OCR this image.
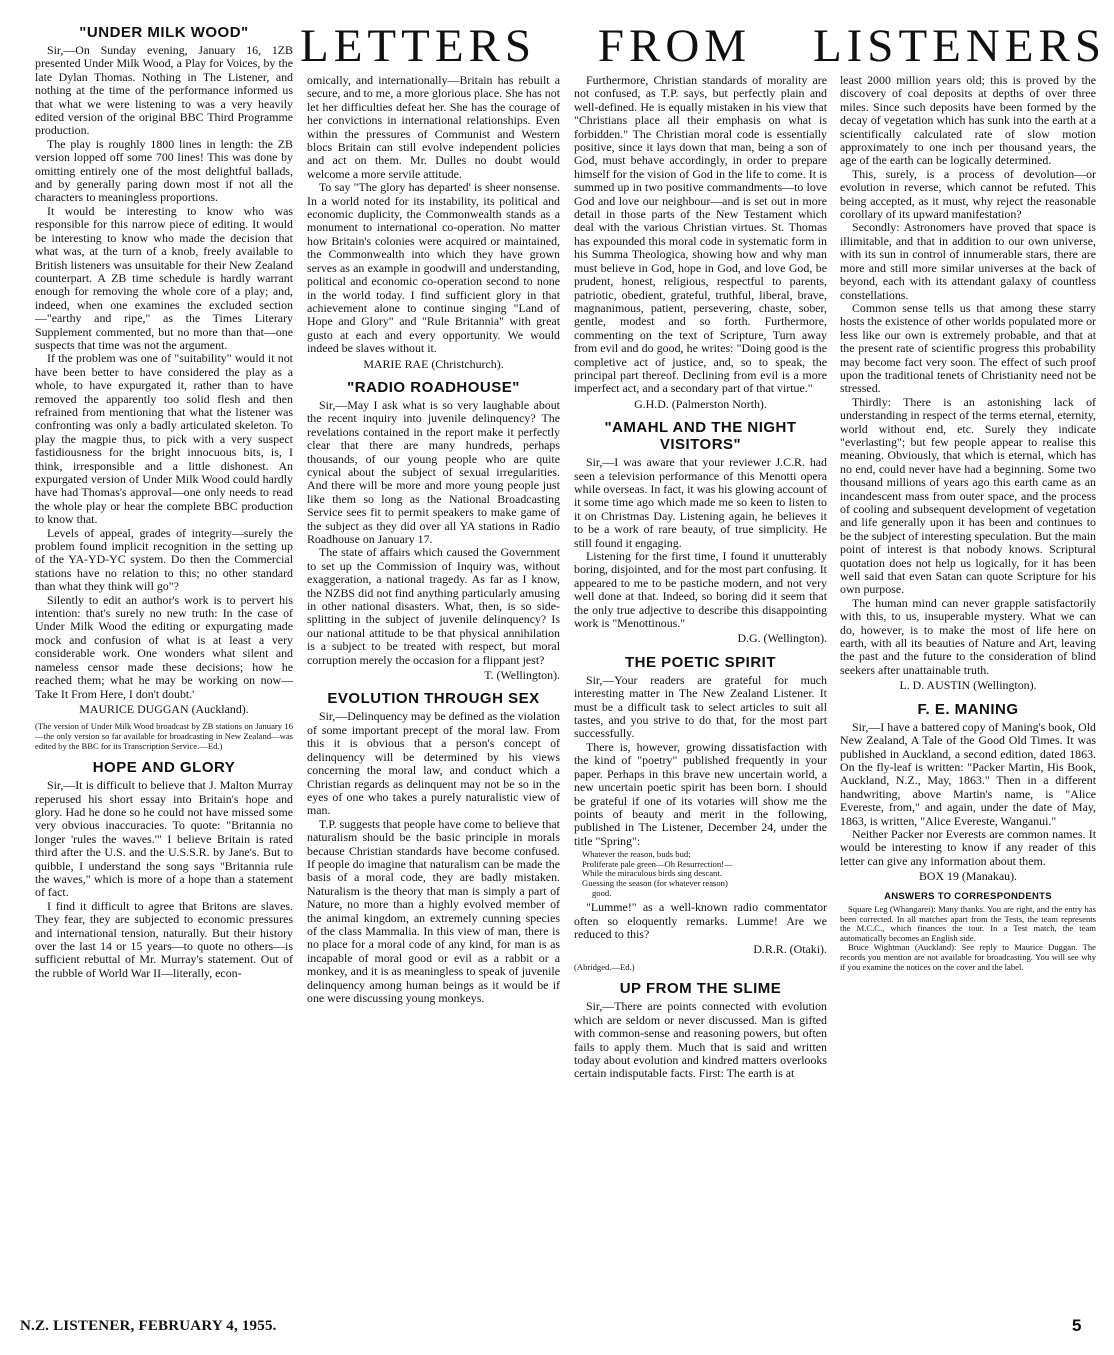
LETTERS FROM LISTENERS
"UNDER MILK WOOD"

Sir,—On Sunday evening, January 16, 1ZB presented Under Milk Wood, a Play for Voices, by the late Dylan Thomas. Nothing in The Listener, and nothing at the time of the performance informed us that what we were listening to was a very heavily edited version of the original BBC Third Programme production.

The play is roughly 1800 lines in length: the ZB version lopped off some 700 lines! This was done by omitting entirely one of the most delightful ballads, and by generally paring down most if not all the characters to meaningless proportions.

It would be interesting to know who was responsible for this narrow piece of editing. It would be interesting to know who made the decision that what was, at the turn of a knob, freely available to British listeners was unsuitable for their New Zealand counterpart. A ZB time schedule is hardly warrant enough for removing the whole core of a play; and, indeed, when one examines the excluded section—"earthy and ripe," as the Times Literary Supplement commented, but no more than that—one suspects that time was not the argument.

If the problem was one of "suitability" would it not have been better to have considered the play as a whole, to have expurgated it, rather than to have removed the apparently too solid flesh and then refrained from mentioning that what the listener was confronting was only a badly articulated skeleton. To play the magpie thus, to pick with a very suspect fastidiousness for the bright innocuous bits, is, I think, irresponsible and a little dishonest. An expurgated version of Under Milk Wood could hardly have had Thomas's approval—one only needs to read the whole play or hear the complete BBC production to know that.

Levels of appeal, grades of integrity—surely the problem found implicit recognition in the setting up of the YA-YD-YC system. Do then the Commercial stations have no relation to this; no other standard than what they think will go"?

Silently to edit an author's work is to pervert his intention: that's surely no new truth: In the case of Under Milk Wood the editing or expurgating made mock and confusion of what is at least a very considerable work. One wonders what silent and nameless censor made these decisions; how he reached them; what he may be working on now—Take It From Here, I don't doubt.'

MAURICE DUGGAN (Auckland).

(The version of Under Milk Wood broadcast by ZB stations on January 16—the only version so far available for broadcasting in New Zealand—was edited by the BBC for its Transcription Service.—Ed.)

HOPE AND GLORY

Sir,—It is difficult to believe that J. Malton Murray reperused his short essay into Britain's hope and glory. Had he done so he could not have missed some very obvious inaccuracies. To quote: "Britannia no longer 'rules the waves.'" I believe Britain is rated third after the U.S. and the U.S.S.R. by Jane's. But to quibble, I understand the song says "Britannia rule the waves," which is more of a hope than a statement of fact.

I find it difficult to agree that Britons are slaves. They fear, they are subjected to economic pressures and international tension, naturally. But their history over the last 14 or 15 years—to quote no others—is sufficient rebuttal of Mr. Murray's statement. Out of the rubble of World War II—literally, econ-

omically, and internationally—Britain has rebuilt a secure, and to me, a more glorious place. She has not let her difficulties defeat her. She has the courage of her convictions in international relationships. Even within the pressures of Communist and Western blocs Britain can still evolve independent policies and act on them. Mr. Dulles no doubt would welcome a more servile attitude.

To say "The glory has departed' is sheer nonsense. In a world noted for its instability, its political and economic duplicity, the Commonwealth stands as a monument to international co-operation. No matter how Britain's colonies were acquired or maintained, the Commonwealth into which they have grown serves as an example in goodwill and understanding, political and economic co-operation second to none in the world today. I find sufficient glory in that achievement alone to continue singing "Land of Hope and Glory" and "Rule Britannia" with great gusto at each and every opportunity. We would indeed be slaves without it.

MARIE RAE (Christchurch).

"RADIO ROADHOUSE"

Sir,—May I ask what is so very laughable about the recent inquiry into juvenile delinquency? The revelations contained in the report make it perfectly clear that there are many hundreds, perhaps thousands, of our young people who are quite cynical about the subject of sexual irregularities. And there will be more and more young people just like them so long as the National Broadcasting Service sees fit to permit speakers to make game of the subject as they did over all YA stations in Radio Roadhouse on January 17.

The state of affairs which caused the Government to set up the Commission of Inquiry was, without exaggeration, a national tragedy. As far as I know, the NZBS did not find anything particularly amusing in other national disasters. What, then, is so side-splitting in the subject of juvenile delinquency? Is our national attitude to be that physical annihilation is a subject to be treated with respect, but moral corruption merely the occasion for a flippant jest?

T. (Wellington).

EVOLUTION THROUGH SEX

Sir,—Delinquency may be defined as the violation of some important precept of the moral law. From this it is obvious that a person's concept of delinquency will be determined by his views concerning the moral law, and conduct which a Christian regards as delinquent may not be so in the eyes of one who takes a purely naturalistic view of man.

T.P. suggests that people have come to believe that naturalism should be the basic principle in morals because Christian standards have become confused. If people do imagine that naturalism can be made the basis of a moral code, they are badly mistaken. Naturalism is the theory that man is simply a part of Nature, no more than a highly evolved member of the animal kingdom, an extremely cunning species of the class Mammalia. In this view of man, there is no place for a moral code of any kind, for man is as incapable of moral good or evil as a rabbit or a monkey, and it is as meaningless to speak of juvenile delinquency among human beings as it would be if one were discussing young monkeys.

Furthermore, Christian standards of morality are not confused, as T.P. says, but perfectly plain and well-defined. He is equally mistaken in his view that "Christians place all their emphasis on what is forbidden." The Christian moral code is essentially positive, since it lays down that man, being a son of God, must behave accordingly, in order to prepare himself for the vision of God in the life to come. It is summed up in two positive commandments—to love God and love our neighbour—and is set out in more detail in those parts of the New Testament which deal with the various Christian virtues. St. Thomas has expounded this moral code in systematic form in his Summa Theologica, showing how and why man must believe in God, hope in God, and love God, be prudent, honest, religious, respectful to parents, patriotic, obedient, grateful, truthful, liberal, brave, magnanimous, patient, persevering, chaste, sober, gentle, modest and so forth. Furthermore, commenting on the text of Scripture, Turn away from evil and do good, he writes: "Doing good is the completive act of justice, and, so to speak, the principal part thereof. Declining from evil is a more imperfect act, and a secondary part of that virtue."

G.H.D. (Palmerston North).

"AMAHL AND THE NIGHT VISITORS"

Sir,—I was aware that your reviewer J.C.R. had seen a television performance of this Menotti opera while overseas. In fact, it was his glowing account of it some time ago which made me so keen to listen to it on Christmas Day. Listening again, he believes it to be a work of rare beauty, of true simplicity. He still found it engaging.

Listening for the first time, I found it unutterably boring, disjointed, and for the most part confusing. It appeared to me to be pastiche modern, and not very well done at that. Indeed, so boring did it seem that the only true adjective to describe this disappointing work is "Menottinous."

D.G. (Wellington).

THE POETIC SPIRIT

Sir,—Your readers are grateful for much interesting matter in The New Zealand Listener. It must be a difficult task to select articles to suit all tastes, and you strive to do that, for the most part successfully.

There is, however, growing dissatisfaction with the kind of "poetry" published frequently in your paper. Perhaps in this brave new uncertain world, a new uncertain poetic spirit has been born. I should be grateful if one of its votaries will show me the points of beauty and merit in the following, published in The Listener, December 24, under the title "Spring":

Whatever the reason, buds bud;
Proliferate pale green—Oh Resurrection!—
While the miraculous birds sing descant.
Guessing the season (for whatever reason)
good.

"Lumme!" as a well-known radio commentator often so eloquently remarks. Lumme! Are we reduced to this?

D.R.R. (Otaki).

(Abridged.—Ed.)

UP FROM THE SLIME

Sir,—There are points connected with evolution which are seldom or never discussed. Man is gifted with common-sense and reasoning powers, but often fails to apply them. Much that is said and written today about evolution and kindred matters overlooks certain indisputable facts. First: The earth is at

least 2000 million years old; this is proved by the discovery of coal deposits at depths of over three miles. Since such deposits have been formed by the decay of vegetation which has sunk into the earth at a scientifically calculated rate of slow motion approximately to one inch per thousand years, the age of the earth can be logically determined.

This, surely, is a process of devolution—or evolution in reverse, which cannot be refuted. This being accepted, as it must, why reject the reasonable corollary of its upward manifestation?

Secondly: Astronomers have proved that space is illimitable, and that in addition to our own universe, with its sun in control of innumerable stars, there are more and still more similar universes at the back of beyond, each with its attendant galaxy of countless constellations.

Common sense tells us that among these starry hosts the existence of other worlds populated more or less like our own is extremely probable, and that at the present rate of scientific progress this probability may become fact very soon. The effect of such proof upon the traditional tenets of Christianity need not be stressed.

Thirdly: There is an astonishing lack of understanding in respect of the terms eternal, eternity, world without end, etc. Surely they indicate "everlasting"; but few people appear to realise this meaning. Obviously, that which is eternal, which has no end, could never have had a beginning. Some two thousand millions of years ago this earth came as an incandescent mass from outer space, and the process of cooling and subsequent development of vegetation and life generally upon it has been and continues to be the subject of interesting speculation. But the main point of interest is that nobody knows. Scriptural quotation does not help us logically, for it has been well said that even Satan can quote Scripture for his own purpose.

The human mind can never grapple satisfactorily with this, to us, insuperable mystery. What we can do, however, is to make the most of life here on earth, with all its beauties of Nature and Art, leaving the past and the future to the consideration of blind seekers after unattainable truth.

L. D. AUSTIN (Wellington).

F. E. MANING

Sir,—I have a battered copy of Maning's book, Old New Zealand, A Tale of the Good Old Times. It was published in Auckland, a second edition, dated 1863. On the fly-leaf is written: "Packer Martin, His Book, Auckland, N.Z., May, 1863." Then in a different handwriting, above Martin's name, is "Alice Evereste, from," and again, under the date of May, 1863, is written, "Alice Evereste, Wanganui."

Neither Packer nor Everests are common names. It would be interesting to know if any reader of this letter can give any information about them.

BOX 19 (Manakau).

ANSWERS TO CORRESPONDENTS

Square Leg (Whangarei): Many thanks. You are right, and the entry has been corrected. In all matches apart from the Tests, the team represents the M.C.C., which finances the tour. In a Test match, the team automatically becomes an English side.

Bruce Wightman (Auckland): See reply to Maurice Duggan. The records you mention are not available for broadcasting. You will see why if you examine the notices on the cover and the label.

N.Z. LISTENER, FEBRUARY 4, 1955.	5
